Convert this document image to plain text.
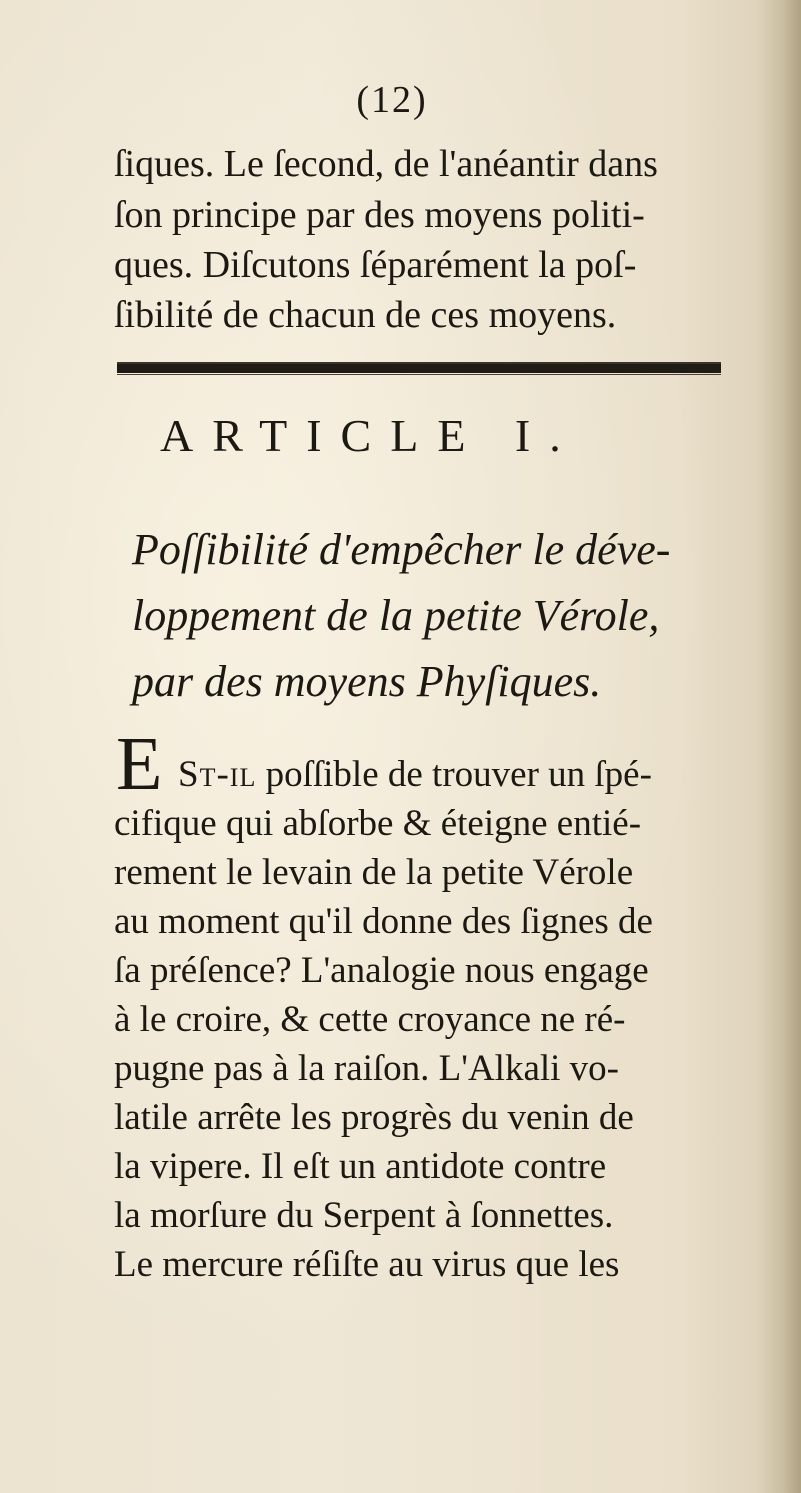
(12)
ſiques. Le ſecond, de l'anéantir dans
ſon principe par des moyens politi-
ques. Diſcutons ſéparément la poſ-
ſibilité de chacun de ces moyens.
ARTICLE I.
Poſſibilité d'empêcher le déve-
loppement de la petite Vérole,
par des moyens Phyſiques.
E St-il poſſible de trouver un ſpé-
cifique qui abſorbe & éteigne entié-
rement le levain de la petite Vérole
au moment qu'il donne des ſignes de
ſa préſence? L'analogie nous engage
à le croire, & cette croyance ne ré-
pugne pas à la raiſon. L'Alkali vo-
latile arrête les progrès du venin de
la vipere. Il eſt un antidote contre
la morſure du Serpent à ſonnettes.
Le mercure réſiſte au virus que les
